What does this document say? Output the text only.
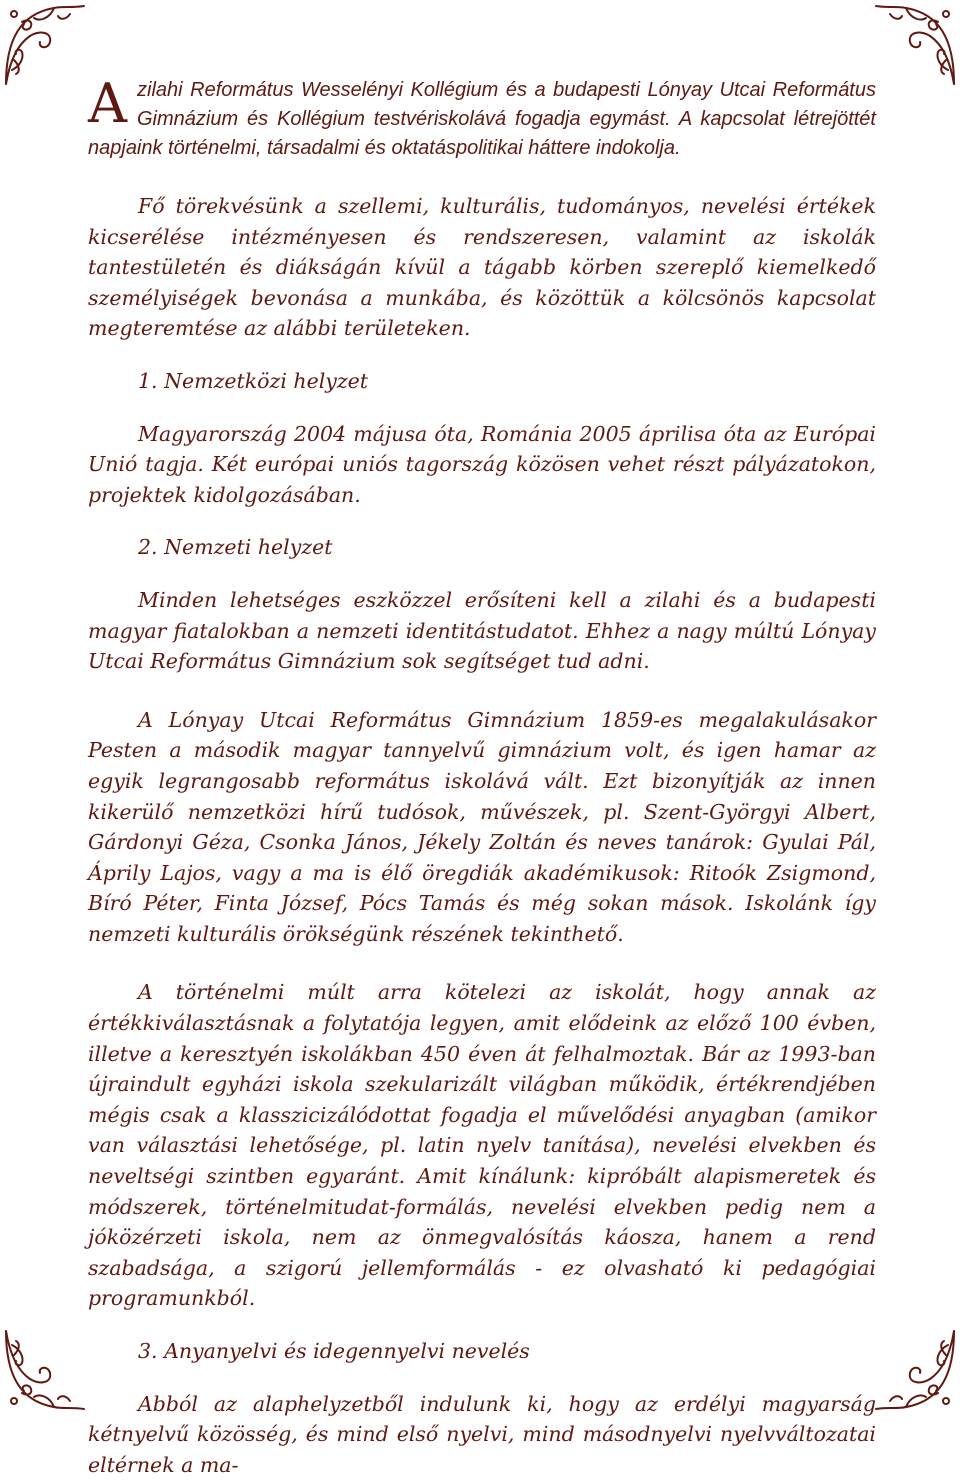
A zilahi Református Wesselényi Kollégium és a budapesti Lónyay Utcai Református Gimnázium és Kollégium testvériskolává fogadja egymást. A kapcsolat létrejöttét napjaink történelmi, társadalmi és oktatáspolitikai háttere indokolja.

Fő törekvésünk a szellemi, kulturális, tudományos, nevelési értékek kicserélése intézményesen és rendszeresen, valamint az iskolák tantestületén és diákságán kívül a tágabb körben szereplő kiemelkedő személyiségek bevonása a munkába, és közöttük a kölcsönös kapcsolat megteremtése az alábbi területeken.

1. Nemzetközi helyzet

Magyarország 2004 májusa óta, Románia 2005 áprilisa óta az Európai Unió tagja. Két európai uniós tagország közösen vehet részt pályázatokon, projektek kidolgozásában.

2. Nemzeti helyzet

Minden lehetséges eszközzel erősíteni kell a zilahi és a budapesti magyar fiatalokban a nemzeti identitástudatot. Ehhez a nagy múltú Lónyay Utcai Református Gimnázium sok segítséget tud adni.

A Lónyay Utcai Református Gimnázium 1859-es megalakulásakor Pesten a második magyar tannyelvű gimnázium volt, és igen hamar az egyik legrangosabb református iskolává vált. Ezt bizonyítják az innen kikerülő nemzetközi hírű tudósok, művészek, pl. Szent-Györgyi Albert, Gárdonyi Géza, Csonka János, Jékely Zoltán és neves tanárok: Gyulai Pál, Áprily Lajos, vagy a ma is élő öregdiák akadémikusok: Ritoók Zsigmond, Bíró Péter, Finta József, Pócs Tamás és még sokan mások. Iskolánk így nemzeti kulturális örökségünk részének tekinthető.

A történelmi múlt arra kötelezi az iskolát, hogy annak az értékkiválasztásnak a folytatója legyen, amit elődeink az előző 100 évben, illetve a keresztyén iskolákban 450 éven át felhalmoztak. Bár az 1993-ban újraindult egyházi iskola szekularizált világban működik, értékrendjében mégis csak a klasszicizálódottat fogadja el művelődési anyagban (amikor van választási lehetősége, pl. latin nyelv tanítása), nevelési elvekben és neveltségi szintben egyaránt. Amit kínálunk: kipróbált alapismeretek és módszerek, történelmitudat-formálás, nevelési elvekben pedig nem a jóközérzeti iskola, nem az önmegvalósítás káosza, hanem a rend szabadsága, a szigorú jellemformálás - ez olvasható ki pedagógiai programunkból.

3. Anyanyelvi és idegennyelvi nevelés

Abból az alaphelyzetből indulunk ki, hogy az erdélyi magyarság kétnyelvű közösség, és mind első nyelvi, mind másodnyelvi nyelvváltozatai eltérnek a ma-
